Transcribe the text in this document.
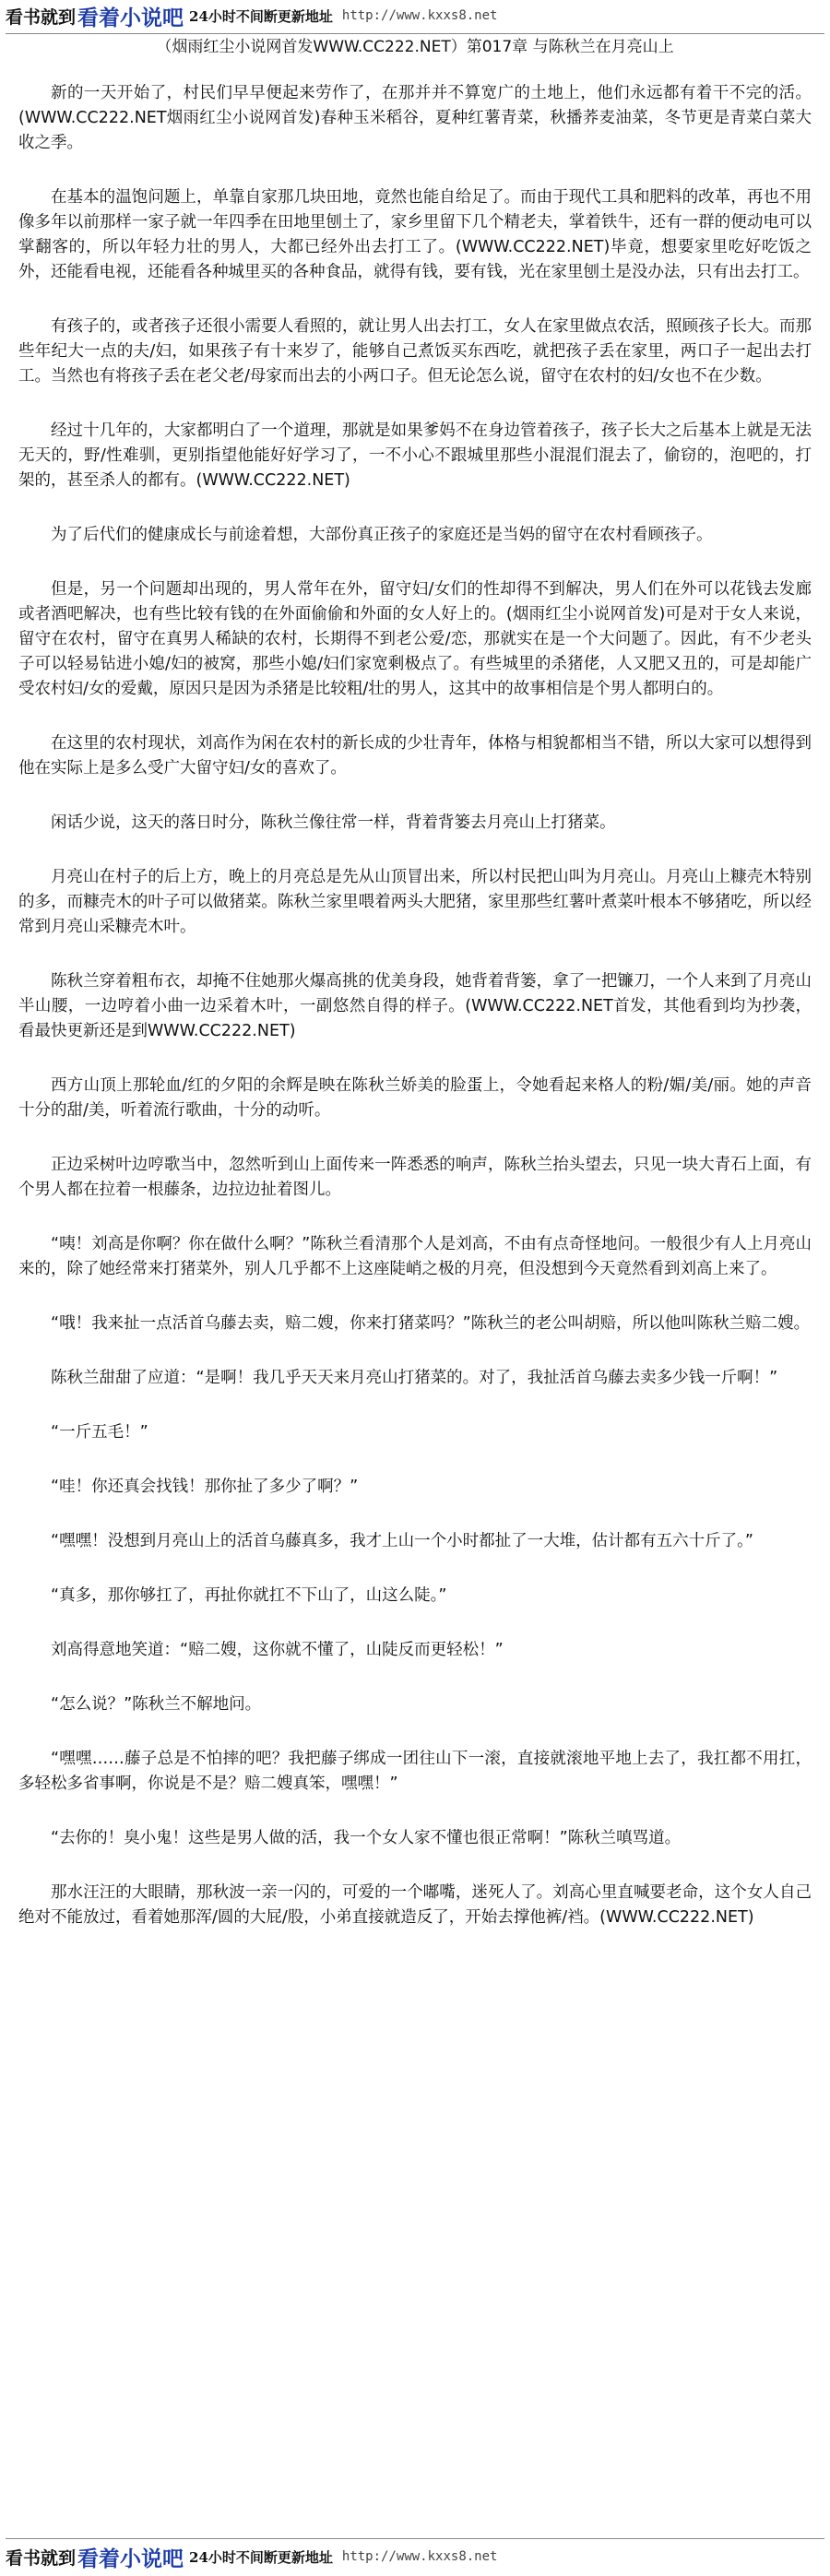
看书就到 看着小说吧 24小时不间断更新地址 http://www.kxxs8.net
（烟雨红尘小说网首发WWW.CC222.NET）第017章 与陈秋兰在月亮山上

新的一天开始了，村民们早早便起来劳作了，在那并并不算宽广的土地上，他们永远都有着干不完的活。(WWW.CC222.NET烟雨红尘小说网首发)春种玉米稻谷，夏种红薯青菜，秋播荞麦油菜，冬节更是青菜白菜大收之季。

在基本的温饱问题上，单靠自家那几块田地，竟然也能自给足了。而由于现代工具和肥料的改革，再也不用像多年以前那样一家子就一年四季在田地里刨土了，家乡里留下几个精老夫，掌着铁牛，还有一群的便动电可以掌翻客的，所以年轻力壮的男人，大都已经外出去打工了。(WWW.CC222.NET)毕竟，想要家里吃好吃饭之外，还能看电视，还能看各种城里买的各种食品，就得有钱，要有钱，光在家里刨土是没办法，只有出去打工。

有孩子的，或者孩子还很小需要人看照的，就让男人出去打工，女人在家里做点农活，照顾孩子长大。而那些年纪大一点的夫/妇，如果孩子有十来岁了，能够自己煮饭买东西吃，就把孩子丢在家里，两口子一起出去打工。当然也有将孩子丢在老父老/母家而出去的小两口子。但无论怎么说，留守在农村的妇/女也不在少数。

经过十几年的，大家都明白了一个道理，那就是如果爹妈不在身边管着孩子，孩子长大之后基本上就是无法无天的，野/性难驯，更别指望他能好好学习了，一不小心不跟城里那些小混混们混去了，偷窃的，泡吧的，打架的，甚至杀人的都有。(WWW.CC222.NET)

为了后代们的健康成长与前途着想，大部份真正孩子的家庭还是当妈的留守在农村看顾孩子。

但是，另一个问题却出现的，男人常年在外，留守妇/女们的性却得不到解决，男人们在外可以花钱去发廊或者酒吧解决，也有些比较有钱的在外面偷偷和外面的女人好上的。(烟雨红尘小说网首发)可是对于女人来说，留守在农村，留守在真男人稀缺的农村，长期得不到老公爱/恋，那就实在是一个大问题了。因此，有不少老头子可以轻易钻进小媳/妇的被窝，那些小媳/妇们家宽剩极点了。有些城里的杀猪佬，人又肥又丑的，可是却能广受农村妇/女的爱戴，原因只是因为杀猪是比较粗/壮的男人，这其中的故事相信是个男人都明白的。

在这里的农村现状，刘高作为闲在农村的新长成的少壮青年，体格与相貌都相当不错，所以大家可以想得到他在实际上是多么受广大留守妇/女的喜欢了。

闲话少说，这天的落日时分，陈秋兰像往常一样，背着背篓去月亮山上打猪菜。

月亮山在村子的后上方，晚上的月亮总是先从山顶冒出来，所以村民把山叫为月亮山。月亮山上糠壳木特别的多，而糠壳木的叶子可以做猪菜。陈秋兰家里喂着两头大肥猪，家里那些红薯叶煮菜叶根本不够猪吃，所以经常到月亮山采糠壳木叶。

陈秋兰穿着粗布衣，却掩不住她那火爆高挑的优美身段，她背着背篓，拿了一把镰刀，一个人来到了月亮山半山腰，一边哼着小曲一边采着木叶，一副悠然自得的样子。(WWW.CC222.NET首发，其他看到均为抄袭，看最快更新还是到WWW.CC222.NET)

西方山顶上那轮血/红的夕阳的余辉是映在陈秋兰娇美的脸蛋上，令她看起来格人的粉/媚/美/丽。她的声音十分的甜/美，听着流行歌曲，十分的动听。

正边采树叶边哼歌当中，忽然听到山上面传来一阵悉悉的响声，陈秋兰抬头望去，只见一块大青石上面，有个男人都在拉着一根藤条，边拉边扯着图儿。

“咦！刘高是你啊？你在做什么啊？”陈秋兰看清那个人是刘高，不由有点奇怪地问。一般很少有人上月亮山来的，除了她经常来打猪菜外，别人几乎都不上这座陡峭之极的月亮，但没想到今天竟然看到刘高上来了。

“哦！我来扯一点活首乌藤去卖，赔二嫂，你来打猪菜吗？”陈秋兰的老公叫胡赔，所以他叫陈秋兰赔二嫂。

陈秋兰甜甜了应道：“是啊！我几乎天天来月亮山打猪菜的。对了，我扯活首乌藤去卖多少钱一斤啊！”

“一斤五毛！”

“哇！你还真会找钱！那你扯了多少了啊？”

“嘿嘿！没想到月亮山上的活首乌藤真多，我才上山一个小时都扯了一大堆，估计都有五六十斤了。”

“真多，那你够扛了，再扯你就扛不下山了，山这么陡。”

刘高得意地笑道：“赔二嫂，这你就不懂了，山陡反而更轻松！”

“怎么说？”陈秋兰不解地问。

“嘿嘿……藤子总是不怕摔的吧？我把藤子绑成一团往山下一滚，直接就滚地平地上去了，我扛都不用扛，多轻松多省事啊，你说是不是？赔二嫂真笨，嘿嘿！”

“去你的！臭小鬼！这些是男人做的活，我一个女人家不懂也很正常啊！”陈秋兰嗔骂道。

那水汪汪的大眼睛，那秋波一亲一闪的，可爱的一个嘟嘴，迷死人了。刘高心里直喊要老命，这个女人自己绝对不能放过，看着她那浑/圆的大屁/股，小弟直接就造反了，开始去撑他裤/裆。(WWW.CC222.NET)

看书就到 看着小说吧 24小时不间断更新地址 http://www.kxxs8.net
